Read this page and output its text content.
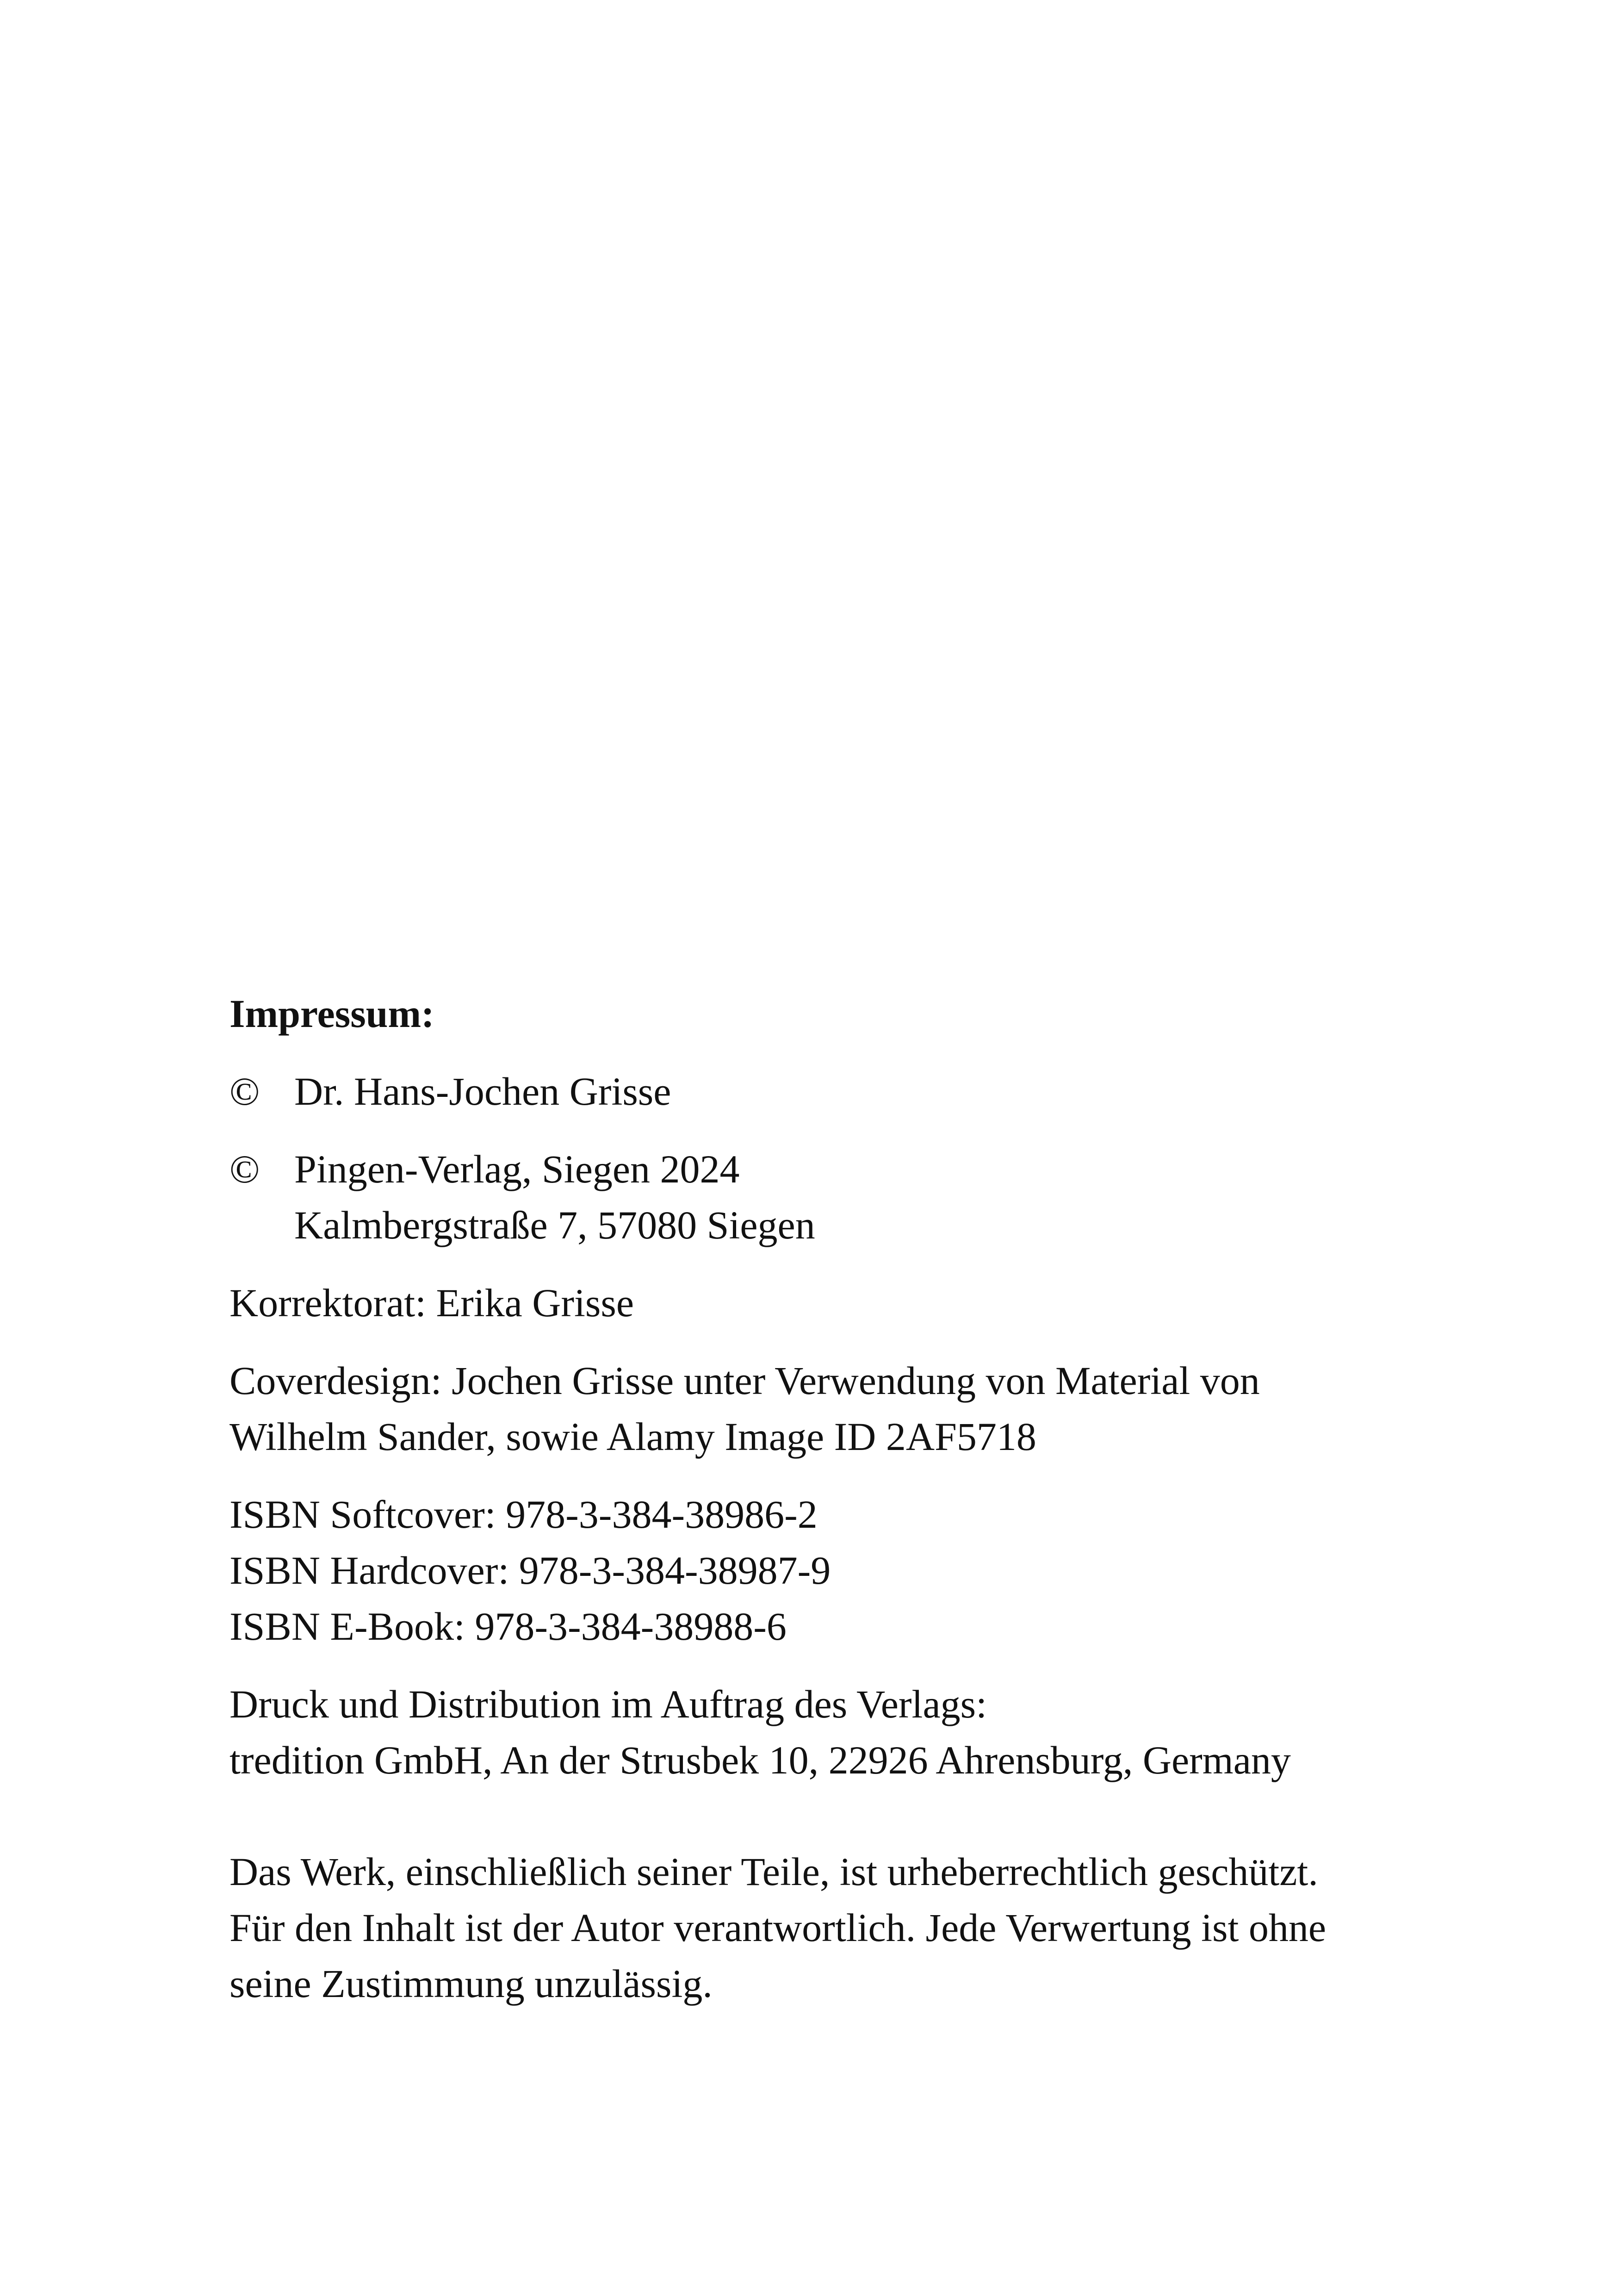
Impressum:

© Dr. Hans-Jochen Grisse

© Pingen-Verlag, Siegen 2024

Kalmbergstraße 7, 57080 Siegen

Korrektorat: Erika Grisse

Coverdesign: Jochen Grisse unter Verwendung von Material von

Wilhelm Sander, sowie Alamy Image ID 2AF5718

ISBN Softcover: 978-3-384-38986-2

ISBN Hardcover: 978-3-384-38987-9

ISBN E-Book: 978-3-384-38988-6

Druck und Distribution im Auftrag des Verlags:

tredition GmbH, An der Strusbek 10, 22926 Ahrensburg, Germany

Das Werk, einschließlich seiner Teile, ist urheberrechtlich geschützt.

Für den Inhalt ist der Autor verantwortlich. Jede Verwertung ist ohne

seine Zustimmung unzulässig.
